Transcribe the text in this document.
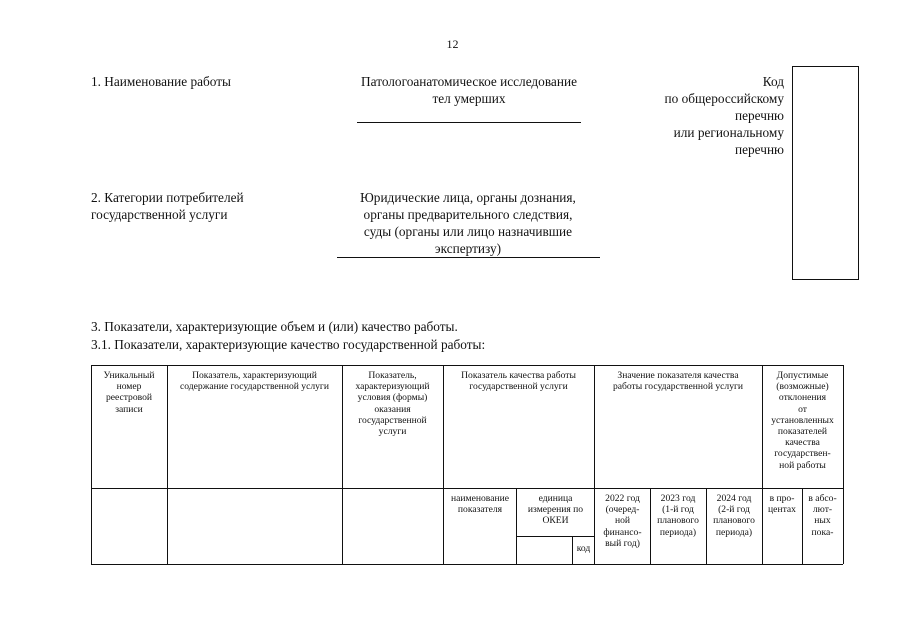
12
1. Наименование работы	Патологоанатомическое исследование
тел умерших
Код
по общероссийскому
перечню
или региональному
перечню
2. Категории потребителей
государственной услуги
Юридические лица, органы дознания,
органы предварительного следствия,
суды (органы или лицо назначившие
экспертизу)
3. Показатели, характеризующие объем и (или) качество работы.
3.1. Показатели, характеризующие качество государственной работы:
Уникальный
номер
реестровой
записи
Показатель, характеризующий
содержание государственной услуги
Показатель,
характеризующий
условия (формы)
оказания
государственной
услуги
Показатель качества работы
государственной услуги
Значение показателя качества
работы государственной услуги
Допустимые
(возможные)
отклонения
от
установленных
показателей
качества
государствен-
ной работы
наименование
показателя
единица
измерения по
ОКЕИ
код
2022 год
(очеред-
ной
финансо-
вый год)
2023 год
(1-й год
планового
периода)
2024 год
(2-й год
планового
периода)
в про-
центах
в абсо-
лют-
ных
пока-
